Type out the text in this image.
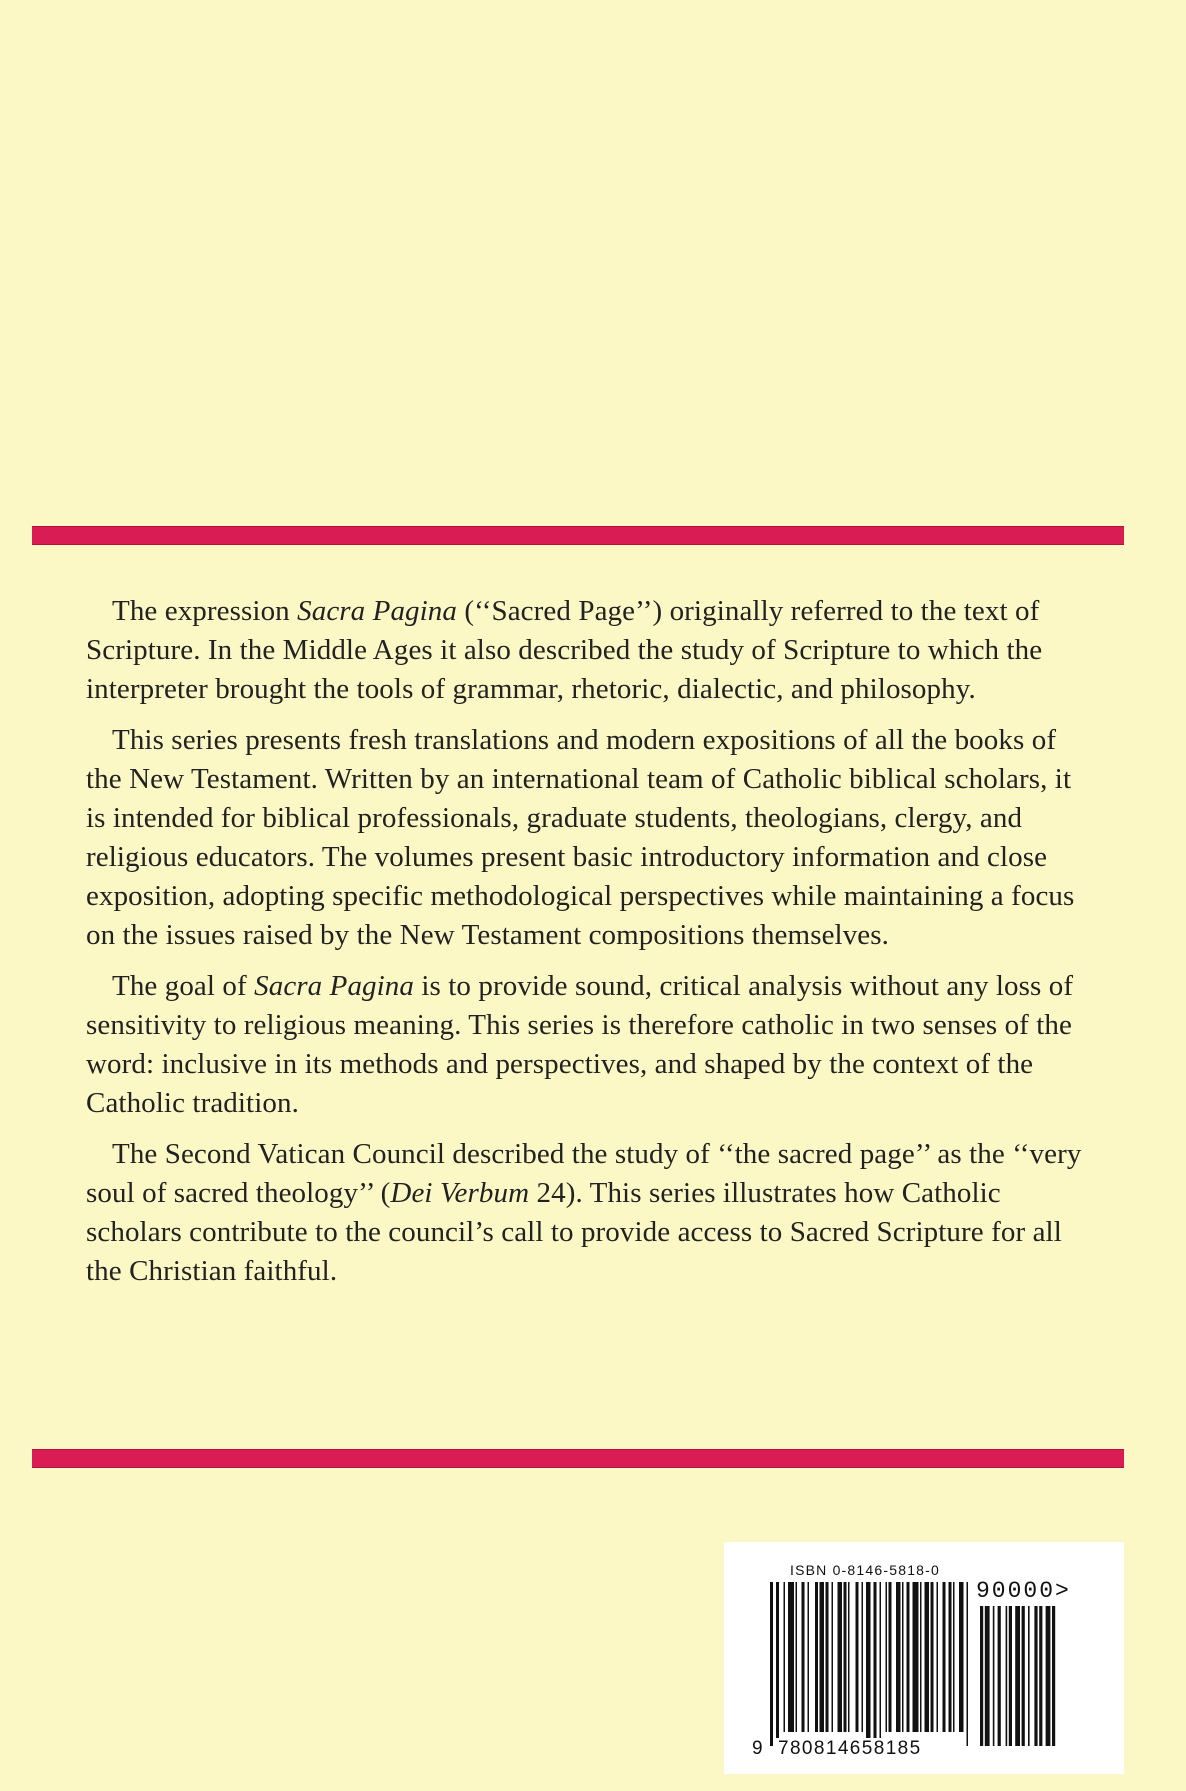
The expression Sacra Pagina (‘‘Sacred Page’’) originally referred to the text of Scripture. In the Middle Ages it also described the study of Scripture to which the interpreter brought the tools of grammar, rhetoric, dialectic, and philosophy.

This series presents fresh translations and modern expositions of all the books of the New Testament. Written by an international team of Catholic biblical scholars, it is intended for biblical professionals, graduate students, theologians, clergy, and religious educators. The volumes present basic introductory information and close exposition, adopting specific methodological perspectives while maintaining a focus on the issues raised by the New Testament compositions themselves.

The goal of Sacra Pagina is to provide sound, critical analysis without any loss of sensitivity to religious meaning. This series is therefore catholic in two senses of the word: inclusive in its methods and perspectives, and shaped by the context of the Catholic tradition.

The Second Vatican Council described the study of ‘‘the sacred page’’ as the ‘‘very soul of sacred theology’’ (Dei Verbum 24). This series illustrates how Catholic scholars contribute to the council’s call to provide access to Sacred Scripture for all the Christian faithful.

ISBN 0-8146-5818-0
90000>
9 780814658185
